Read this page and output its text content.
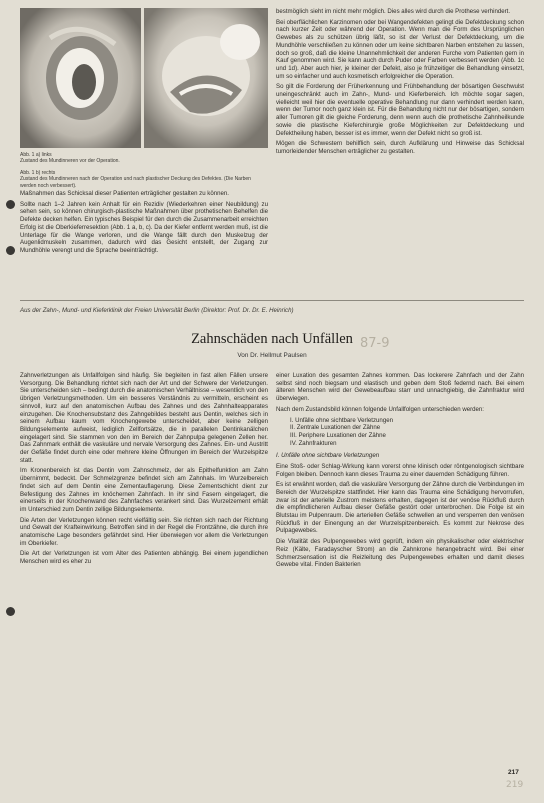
Abb. 1 a) links
Zustand des Mundinneren vor der Operation.
Abb. 1 b) rechts
Zustand des Mundinneren nach der Operation und nach plastischer Deckung des Defektes. (Die Narben werden noch verbessert).

Maßnahmen das Schicksal dieser Patienten erträglicher gestalten zu können.

Sollte nach 1–2 Jahren kein Anhalt für ein Rezidiv (Wiederkehren einer Neubildung) zu sehen sein, so können chirurgisch-plastische Maßnahmen über prothetischen Behelfen die Defekte decken helfen. Ein typisches Beispiel für den durch die Zusammenarbeit erreichten Erfolg ist die Oberkieferresektion (Abb. 1 a, b, c). Da der Kiefer entfernt werden muß, ist die Unterlage für die Wange verloren, und die Wange fällt durch den Muskelzug der Augenlidmuskeln zusammen, dadurch wird das Gesicht entstellt, der Zugang zur Mundhöhle verengt und die Sprache beeinträchtigt.

bestmöglich sieht im nicht mehr möglich. Dies alles wird durch die Prothese verhindert.

Bei oberflächlichen Karzinomen oder bei Wangendefekten gelingt die Defektdeckung schon nach kurzer Zeit oder während der Operation. Wenn man die Form des Ursprünglichen Gewebes als zu schützen übrig läßt, so ist der Verlust der Defektdeckung, um die Mundhöhle verschließen zu können oder um keine sichtbaren Narben entstehen zu lassen, doch so groß, daß die kleine Unannehmlichkeit der anderen Furche vom Patienten gern in Kauf genommen wird. Sie kann auch durch Puder oder Farben verbessert werden (Abb. 1c und 1d). Aber auch hier, je kleiner der Defekt, also je frühzeitiger die Behandlung einsetzt, um so einfacher und auch kosmetisch erfolgreicher die Operation.

So gilt die Forderung der Früherkennung und Frühbehandlung der bösartigen Geschwulst uneingeschränkt auch im Zahn-, Mund- und Kieferbereich. Ich möchte sogar sagen, vielleicht weil hier die eventuelle operative Behandlung nur dann verhindert werden kann, wenn der Tumor noch ganz klein ist. Für die Behandlung nicht nur der bösartigen, sondern aller Tumoren gilt die gleiche Forderung, denn wenn auch die prothetische Zahnheilkunde sowie die plastische Kieferchirurgie große Möglichkeiten zur Defektdeckung und Defektheilung haben, besser ist es immer, wenn der Defekt nicht so groß ist.

Mögen die Schwestern behilflich sein, durch Aufklärung und Hinweise das Schicksal tumorleidender Menschen erträglicher zu gestalten.

Aus der Zahn-, Mund- und Kieferklinik der Freien Universität Berlin (Direktor: Prof. Dr. Dr. E. Heinrich)
Zahnschäden nach Unfällen 87-9
Von Dr. Hellmut Paulsen

Zahnverletzungen als Unfallfolgen sind häufig. Sie begleiten in fast allen Fällen unsere Versorgung. Die Behandlung richtet sich nach der Art und der Schwere der Verletzungen. Sie unterscheiden sich – bedingt durch die anatomischen Verhältnisse – wesentlich von den übrigen Verletzungsmethoden. Um ein besseres Verständnis zu vermitteln, erscheint es sinnvoll, kurz auf den anatomischen Aufbau des Zahnes und des Zahnhalteapparates einzugehen. Die Knochensubstanz des Zahngebildes besteht aus Dentin, welches sich in seinem Aufbau kaum vom Knochengewebe unterscheidet, aber keine zelligen Bildungselemente aufweist, lediglich Zellfortsätze, die in parallelen Dentinkanälchen eingelagert sind. Sie stammen von den im Bereich der Zahnpulpa gelegenen Zellen her. Das Zahnmark enthält die vaskuläre und nervale Versorgung des Zahnes. Ein- und Austritt der Gefäße findet durch eine oder mehrere kleine Öffnungen im Bereich der Wurzelspitze statt.

Im Kronenbereich ist das Dentin vom Zahnschmelz, der als Epithelfunktion am Zahn übernimmt, bedeckt. Der Schmelzgrenze befindet sich am Zahnhals. Im Wurzelbereich findet sich auf dem Dentin eine Zementauflagerung. Diese Zementschicht dient zur Befestigung des Zahnes im knöchernen Zahnfach. In ihr sind Fasern eingelagert, die einerseits in der Knochenwand des Zahnfaches verankert sind. Das Wurzelzement erhält im Unterschied zum Dentin zellige Bildungselemente.

Die Arten der Verletzungen können recht vielfältig sein. Sie richten sich nach der Richtung und Gewalt der Krafteinwirkung. Betroffen sind in der Regel die Frontzähne, die durch ihre anatomische Lage besonders gefährdet sind. Hier überwiegen vor allem die Verletzungen im Oberkiefer.

Die Art der Verletzungen ist vom Alter des Patienten abhängig. Bei einem jugendlichen Menschen wird es eher zu

einer Luxation des gesamten Zahnes kommen. Das lockerere Zahnfach und der Zahn selbst sind noch biegsam und elastisch und geben dem Stoß federnd nach. Bei einem älteren Menschen wird der Gewebeaufbau starr und unnachgiebig, die Zahnfraktur wird überwiegen.

Nach dem Zustandsbild können folgende Unfallfolgen unterschieden werden:

I. Unfälle ohne sichtbare Verletzungen
II. Zentrale Luxationen der Zähne
III. Periphere Luxationen der Zähne
IV. Zahnfrakturen

I. Unfälle ohne sichtbare Verletzungen

Eine Stoß- oder Schlag-Wirkung kann vorerst ohne klinisch oder röntgenologisch sichtbare Folgen bleiben. Dennoch kann dieses Trauma zu einer dauernden Schädigung führen.

Es ist erwähnt worden, daß die vaskuläre Versorgung der Zähne durch die Verbindungen im Bereich der Wurzelspitze stattfindet. Hier kann das Trauma eine Schädigung hervorrufen, zwar ist der arterielle Zustrom meistens erhalten, dagegen ist der venöse Rückfluß durch die empfindlicheren Aufbau dieser Gefäße gestört oder unterbrochen. Die Folge ist ein Blutstau im Pulpenraum. Die arteriellen Gefäße schwellen an und versperren den venösen Rückfluß in der Einengung an der Wurzelspitzenbereich. Es kommt zur Nekrose des Pulpagewebes.

Die Vitalität des Pulpengewebes wird geprüft, indem ein physikalischer oder elektrischer Reiz (Kälte, Faradayscher Strom) an die Zahnkrone herangebracht wird. Bei einer Schmerzsensation ist die Reizleitung des Pulpengewebes erhalten und damit dieses Gewebe vital. Finden Bakterien

217
219
